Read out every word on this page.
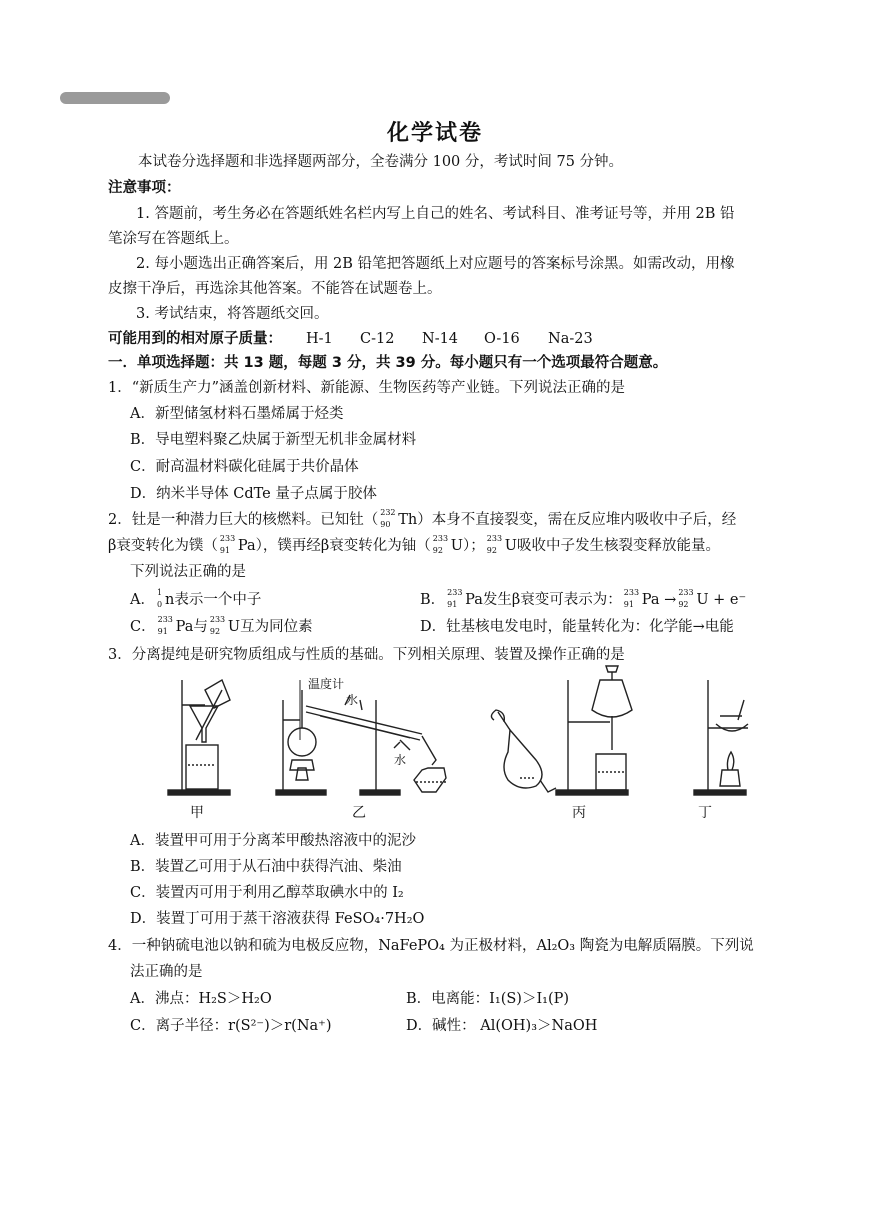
化学试卷
本试卷分选择题和非选择题两部分，全卷满分 100 分，考试时间 75 分钟。
注意事项：
1. 答题前，考生务必在答题纸姓名栏内写上自己的姓名、考试科目、准考证号等，并用 2B 铅
笔涂写在答题纸上。
2. 每小题选出正确答案后，用 2B 铅笔把答题纸上对应题号的答案标号涂黑。如需改动，用橡
皮擦干净后，再选涂其他答案。不能答在试题卷上。
3. 考试结束，将答题纸交回。
可能用到的相对原子质量： H-1 C-12 N-14 O-16 Na-23
一．单项选择题：共 13 题，每题 3 分，共 39 分。每小题只有一个选项最符合题意。
1．“新质生产力”涵盖创新材料、新能源、生物医药等产业链。下列说法正确的是
A．新型储氢材料石墨烯属于烃类
B．导电塑料聚乙炔属于新型无机非金属材料
C．耐高温材料碳化硅属于共价晶体
D．纳米半导体 CdTe 量子点属于胶体
2．钍是一种潜力巨大的核燃料。已知钍（ 232
90 Th）本身不直接裂变，需在反应堆内吸收中子后，经
β衰变转化为镤（ 233
91 Pa），镤再经β衰变转化为铀（ 233
92 U）； 233
92 U吸收中子发生核裂变释放能量。
下列说法正确的是
A． 1
0 n表示一个中子	B． 233
91 Pa发生β衰变可表示为： 233
91 Pa → 233
92 U + e⁻
C． 233
91 Pa与 233
92 U互为同位素	D．钍基核电发电时，能量转化为：化学能→电能
3．分离提纯是研究物质组成与性质的基础。下列相关原理、装置及操作正确的是
温度计
水
水
甲	乙	丙	丁
A．装置甲可用于分离苯甲酸热溶液中的泥沙
B．装置乙可用于从石油中获得汽油、柴油
C．装置丙可用于利用乙醇萃取碘水中的 I₂
D．装置丁可用于蒸干溶液获得 FeSO₄·7H₂O
4．一种钠硫电池以钠和硫为电极反应物，NaFePO₄ 为正极材料，Al₂O₃ 陶瓷为电解质隔膜。下列说
法正确的是
A．沸点：H₂S＞H₂O	B．电离能：I₁(S)＞I₁(P)
C．离子半径：r(S²⁻)＞r(Na⁺)	D．碱性： Al(OH)₃＞NaOH
